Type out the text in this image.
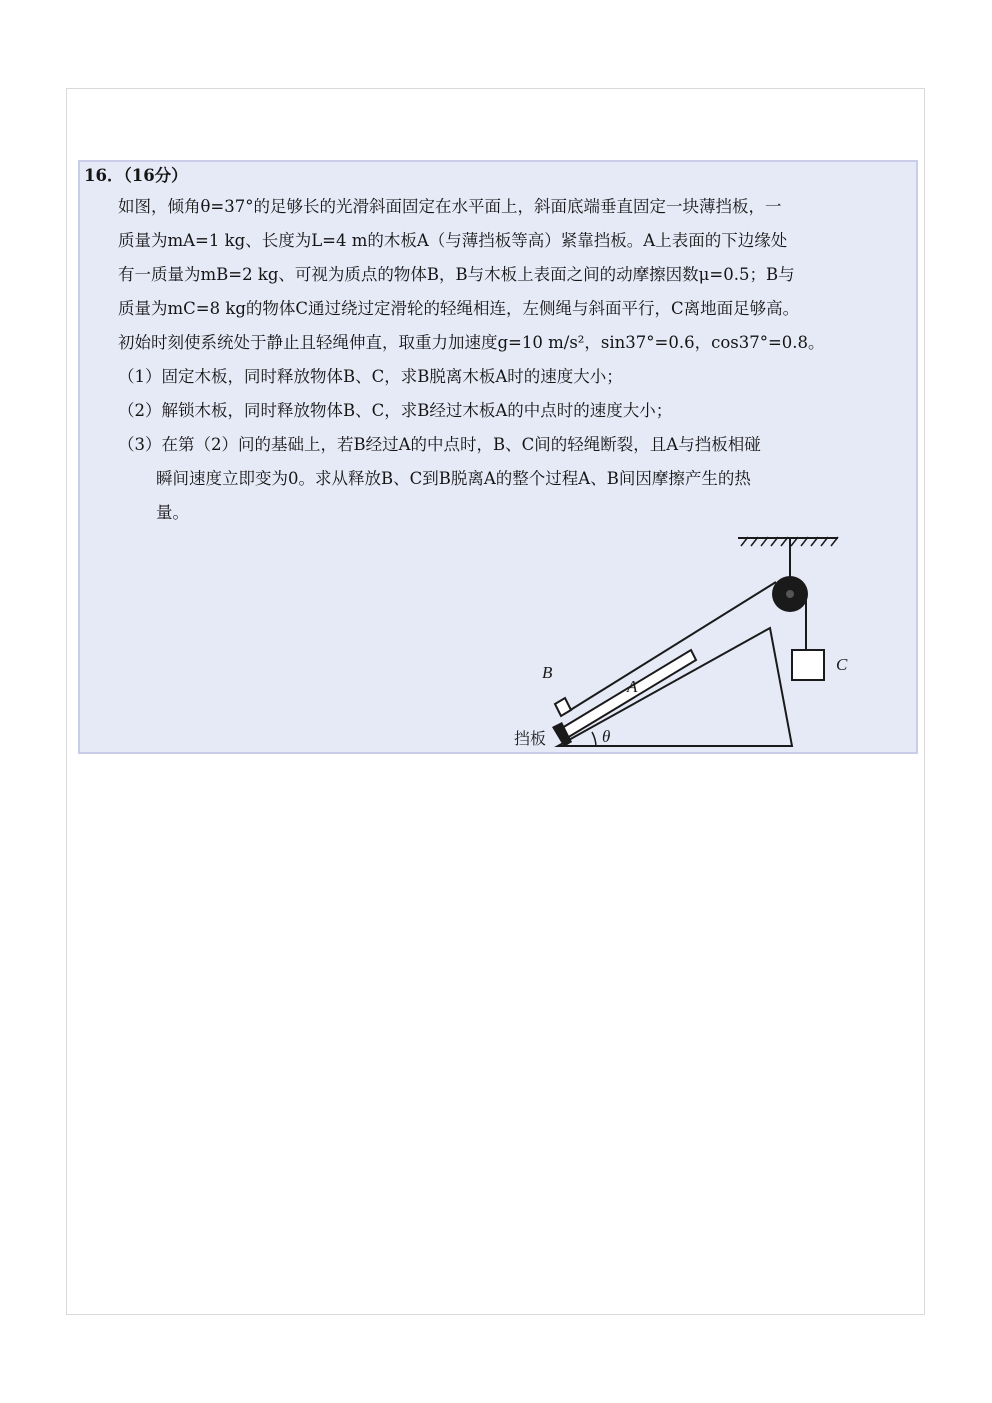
16．（16分）
如图，倾角θ=37°的足够长的光滑斜面固定在水平面上，斜面底端垂直固定一块薄挡板，一
质量为mA=1 kg、长度为L=4 m的木板A（与薄挡板等高）紧靠挡板。A上表面的下边缘处
有一质量为mB=2 kg、可视为质点的物体B，B与木板上表面之间的动摩擦因数μ=0.5；B与
质量为mC=8 kg的物体C通过绕过定滑轮的轻绳相连，左侧绳与斜面平行，C离地面足够高。
初始时刻使系统处于静止且轻绳伸直，取重力加速度g=10 m/s²，sin37°=0.6，cos37°=0.8。
（1）固定木板，同时释放物体B、C，求B脱离木板A时的速度大小；
（2）解锁木板，同时释放物体B、C，求B经过木板A的中点时的速度大小；
（3）在第（2）问的基础上，若B经过A的中点时，B、C间的轻绳断裂，且A与挡板相碰
瞬间速度立即变为0。求从释放B、C到B脱离A的整个过程A、B间因摩擦产生的热
量。
B
A
C
挡板	θ
